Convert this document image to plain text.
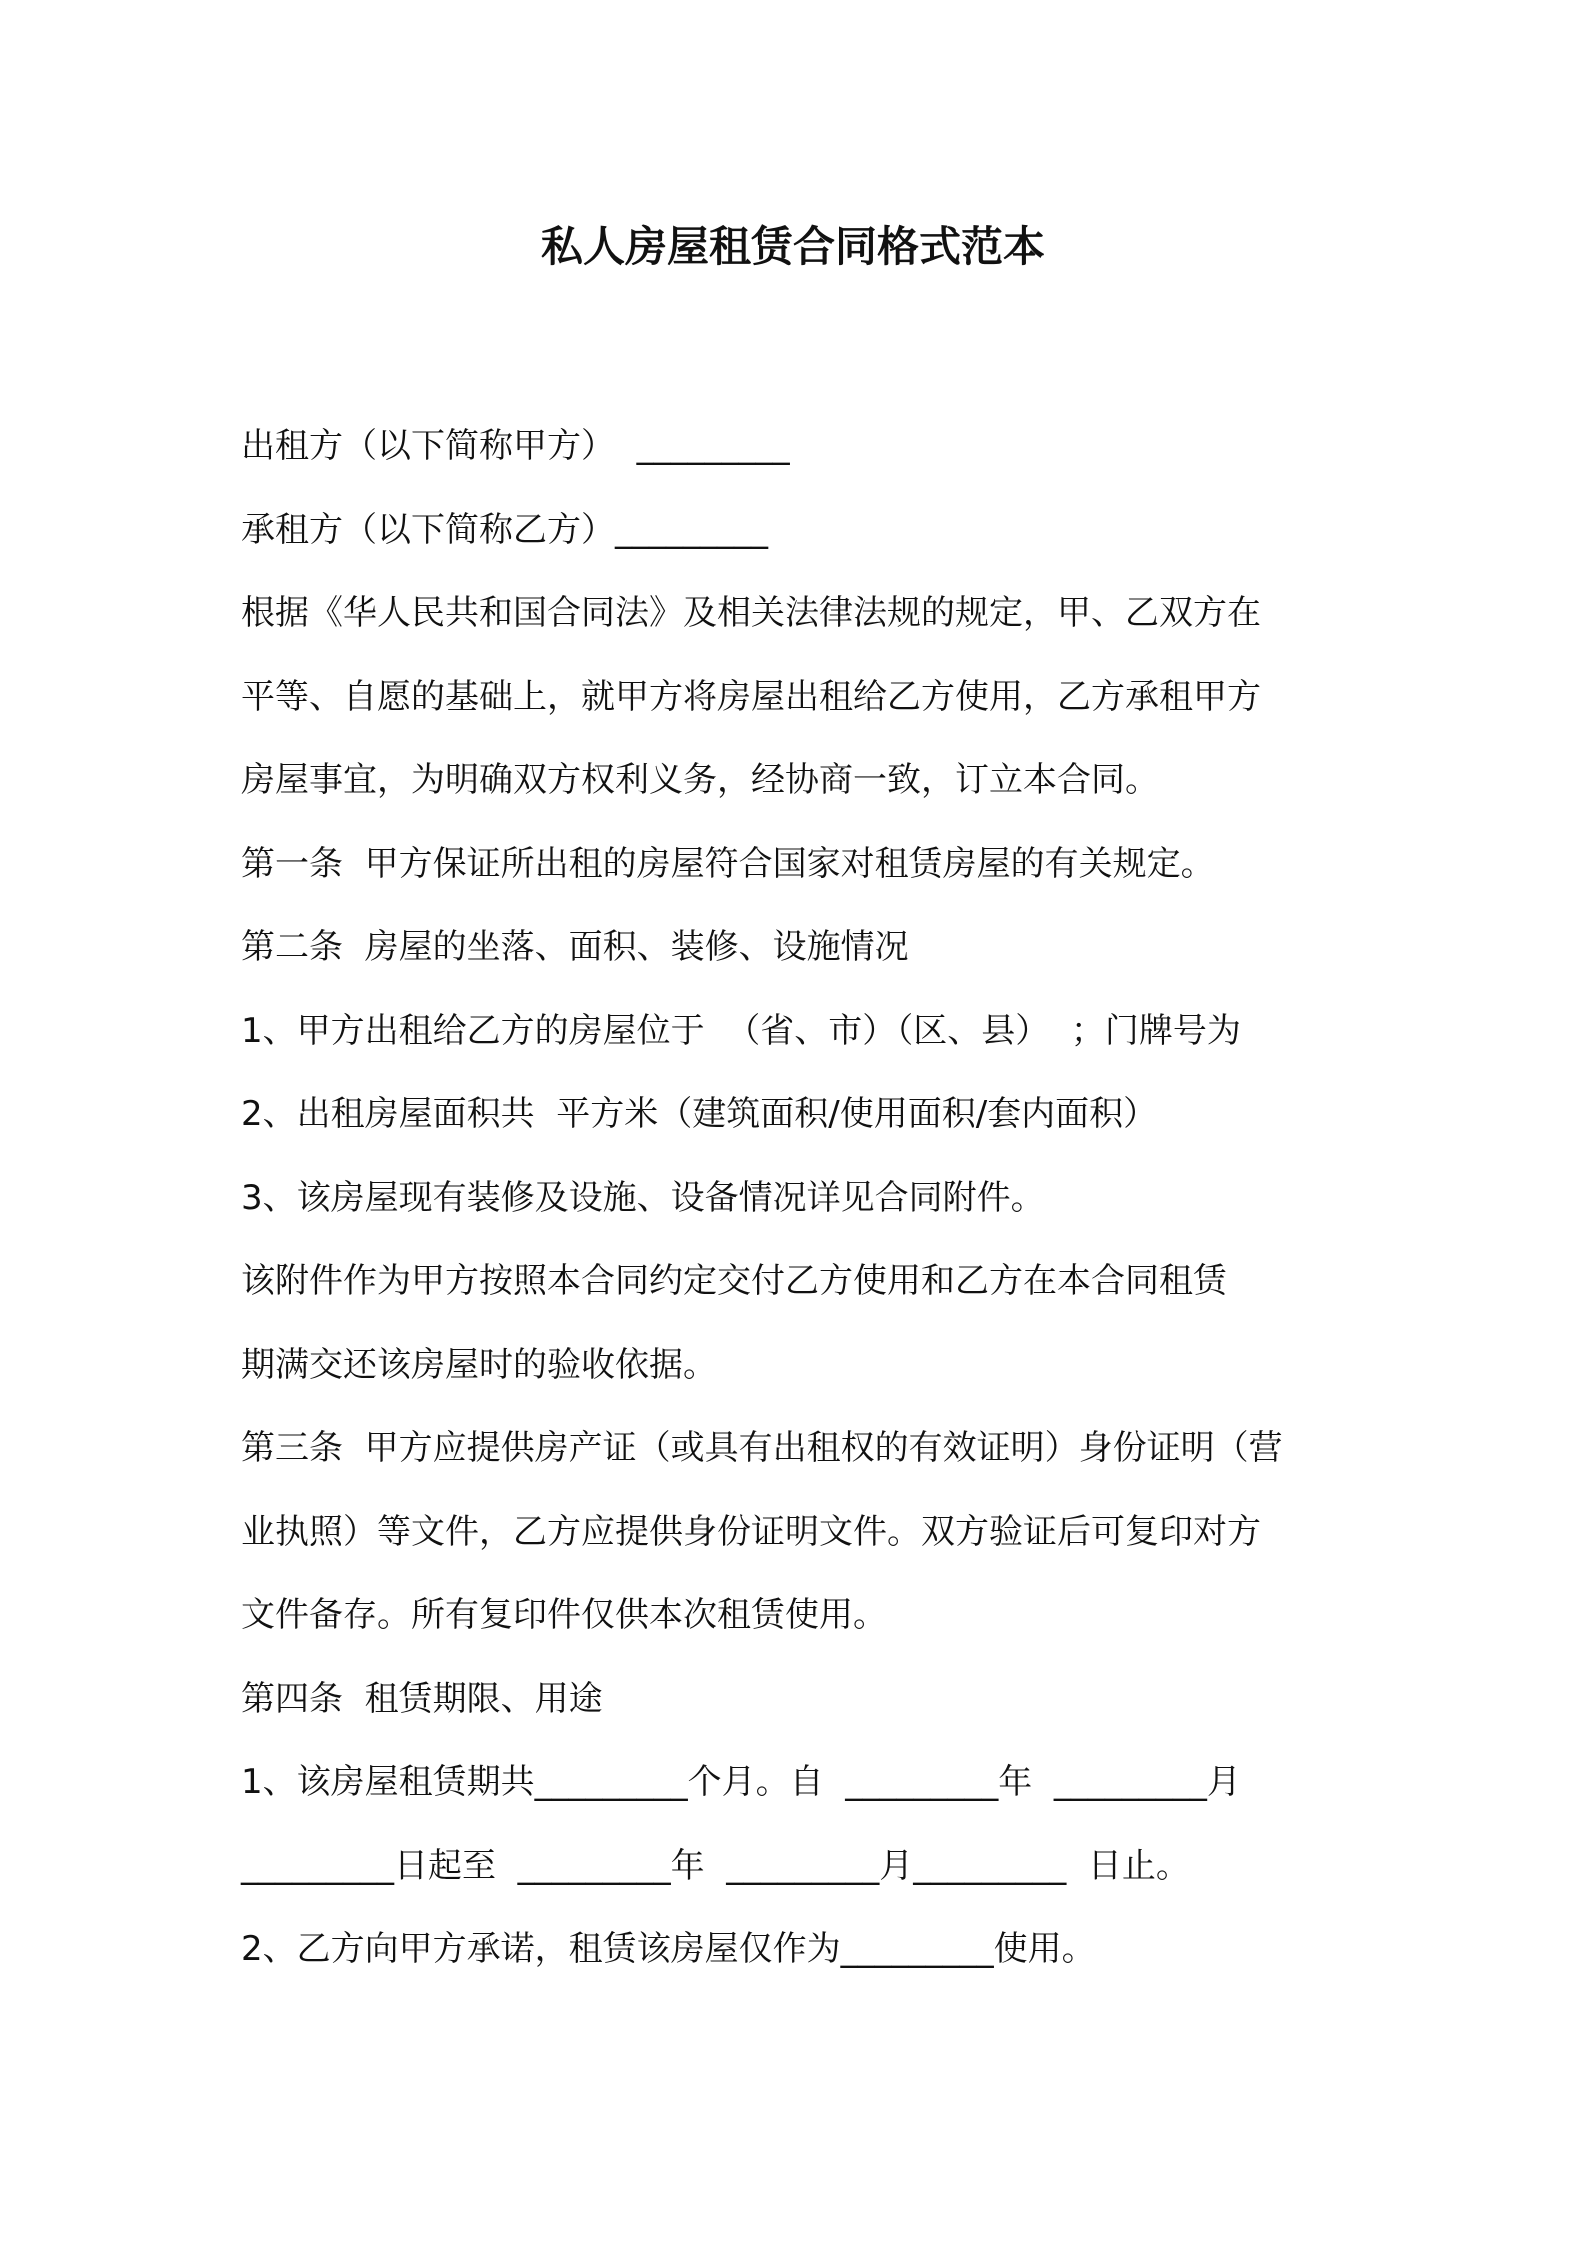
私人房屋租赁合同格式范本
出租方（以下简称甲方）  _________
承租方（以下简称乙方）_________
根据《华人民共和国合同法》及相关法律法规的规定，甲、乙双方在
平等、自愿的基础上，就甲方将房屋出租给乙方使用，乙方承租甲方
房屋事宜，为明确双方权利义务，经协商一致，订立本合同。
第一条  甲方保证所出租的房屋符合国家对租赁房屋的有关规定。
第二条  房屋的坐落、面积、装修、设施情况
1、甲方出租给乙方的房屋位于  （省、市）（区、县）  ；门牌号为
2、出租房屋面积共  平方米（建筑面积/使用面积/套内面积）
3、该房屋现有装修及设施、设备情况详见合同附件。
该附件作为甲方按照本合同约定交付乙方使用和乙方在本合同租赁
期满交还该房屋时的验收依据。
第三条  甲方应提供房产证（或具有出租权的有效证明）身份证明（营
业执照）等文件，乙方应提供身份证明文件。双方验证后可复印对方
文件备存。所有复印件仅供本次租赁使用。
第四条  租赁期限、用途
1、该房屋租赁期共_________个月。自  _________年  _________月
_________日起至  _________年  _________月_________  日止。
2、乙方向甲方承诺，租赁该房屋仅作为_________使用。
